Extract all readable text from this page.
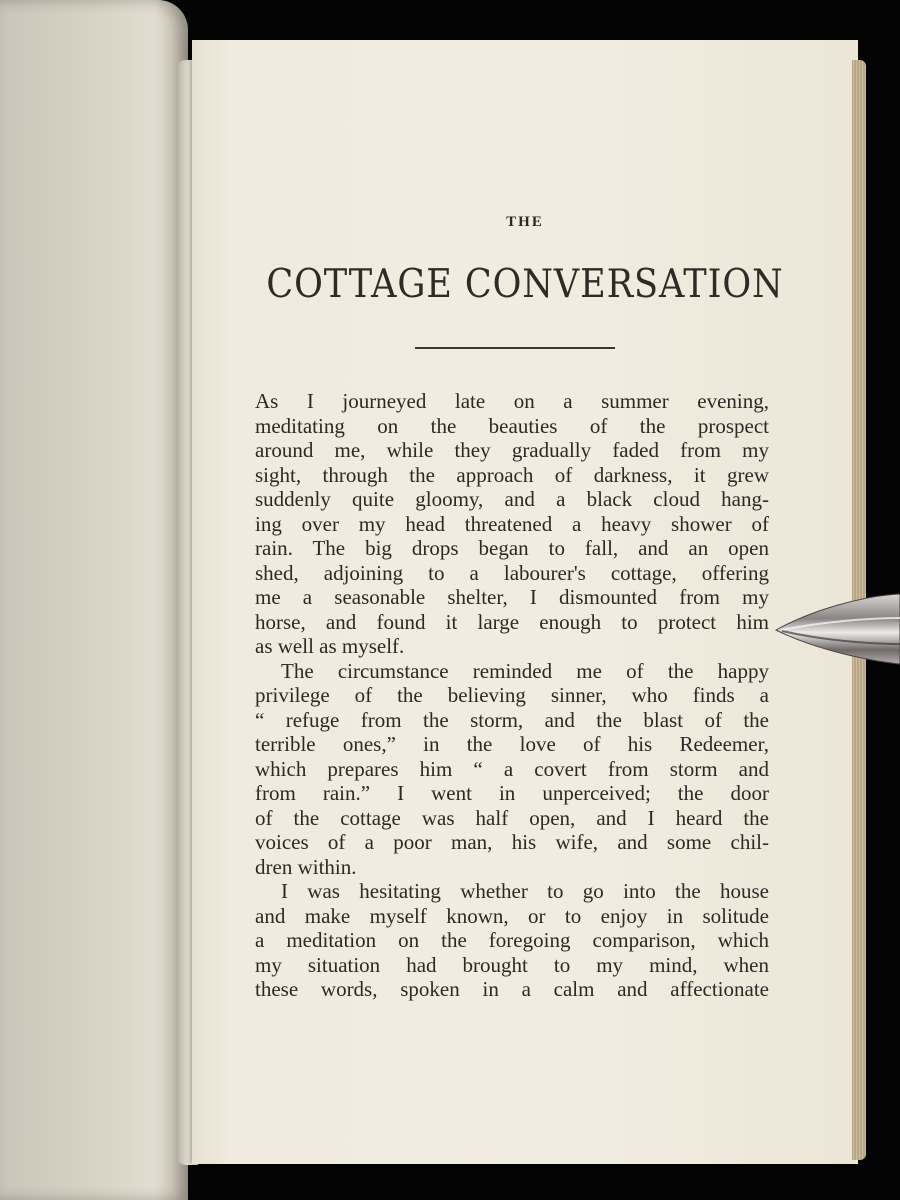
THE
COTTAGE CONVERSATION
As I journeyed late on a summer evening,
meditating on the beauties of the prospect
around me, while they gradually faded from my
sight, through the approach of darkness, it grew
suddenly quite gloomy, and a black cloud hang-
ing over my head threatened a heavy shower of
rain. The big drops began to fall, and an open
shed, adjoining to a labourer's cottage, offering
me a seasonable shelter, I dismounted from my
horse, and found it large enough to protect him
as well as myself.
The circumstance reminded me of the happy
privilege of the believing sinner, who finds a
“ refuge from the storm, and the blast of the
terrible ones,” in the love of his Redeemer,
which prepares him “ a covert from storm and
from rain.” I went in unperceived; the door
of the cottage was half open, and I heard the
voices of a poor man, his wife, and some chil-
dren within.
I was hesitating whether to go into the house
and make myself known, or to enjoy in solitude
a meditation on the foregoing comparison, which
my situation had brought to my mind, when
these words, spoken in a calm and affectionate
